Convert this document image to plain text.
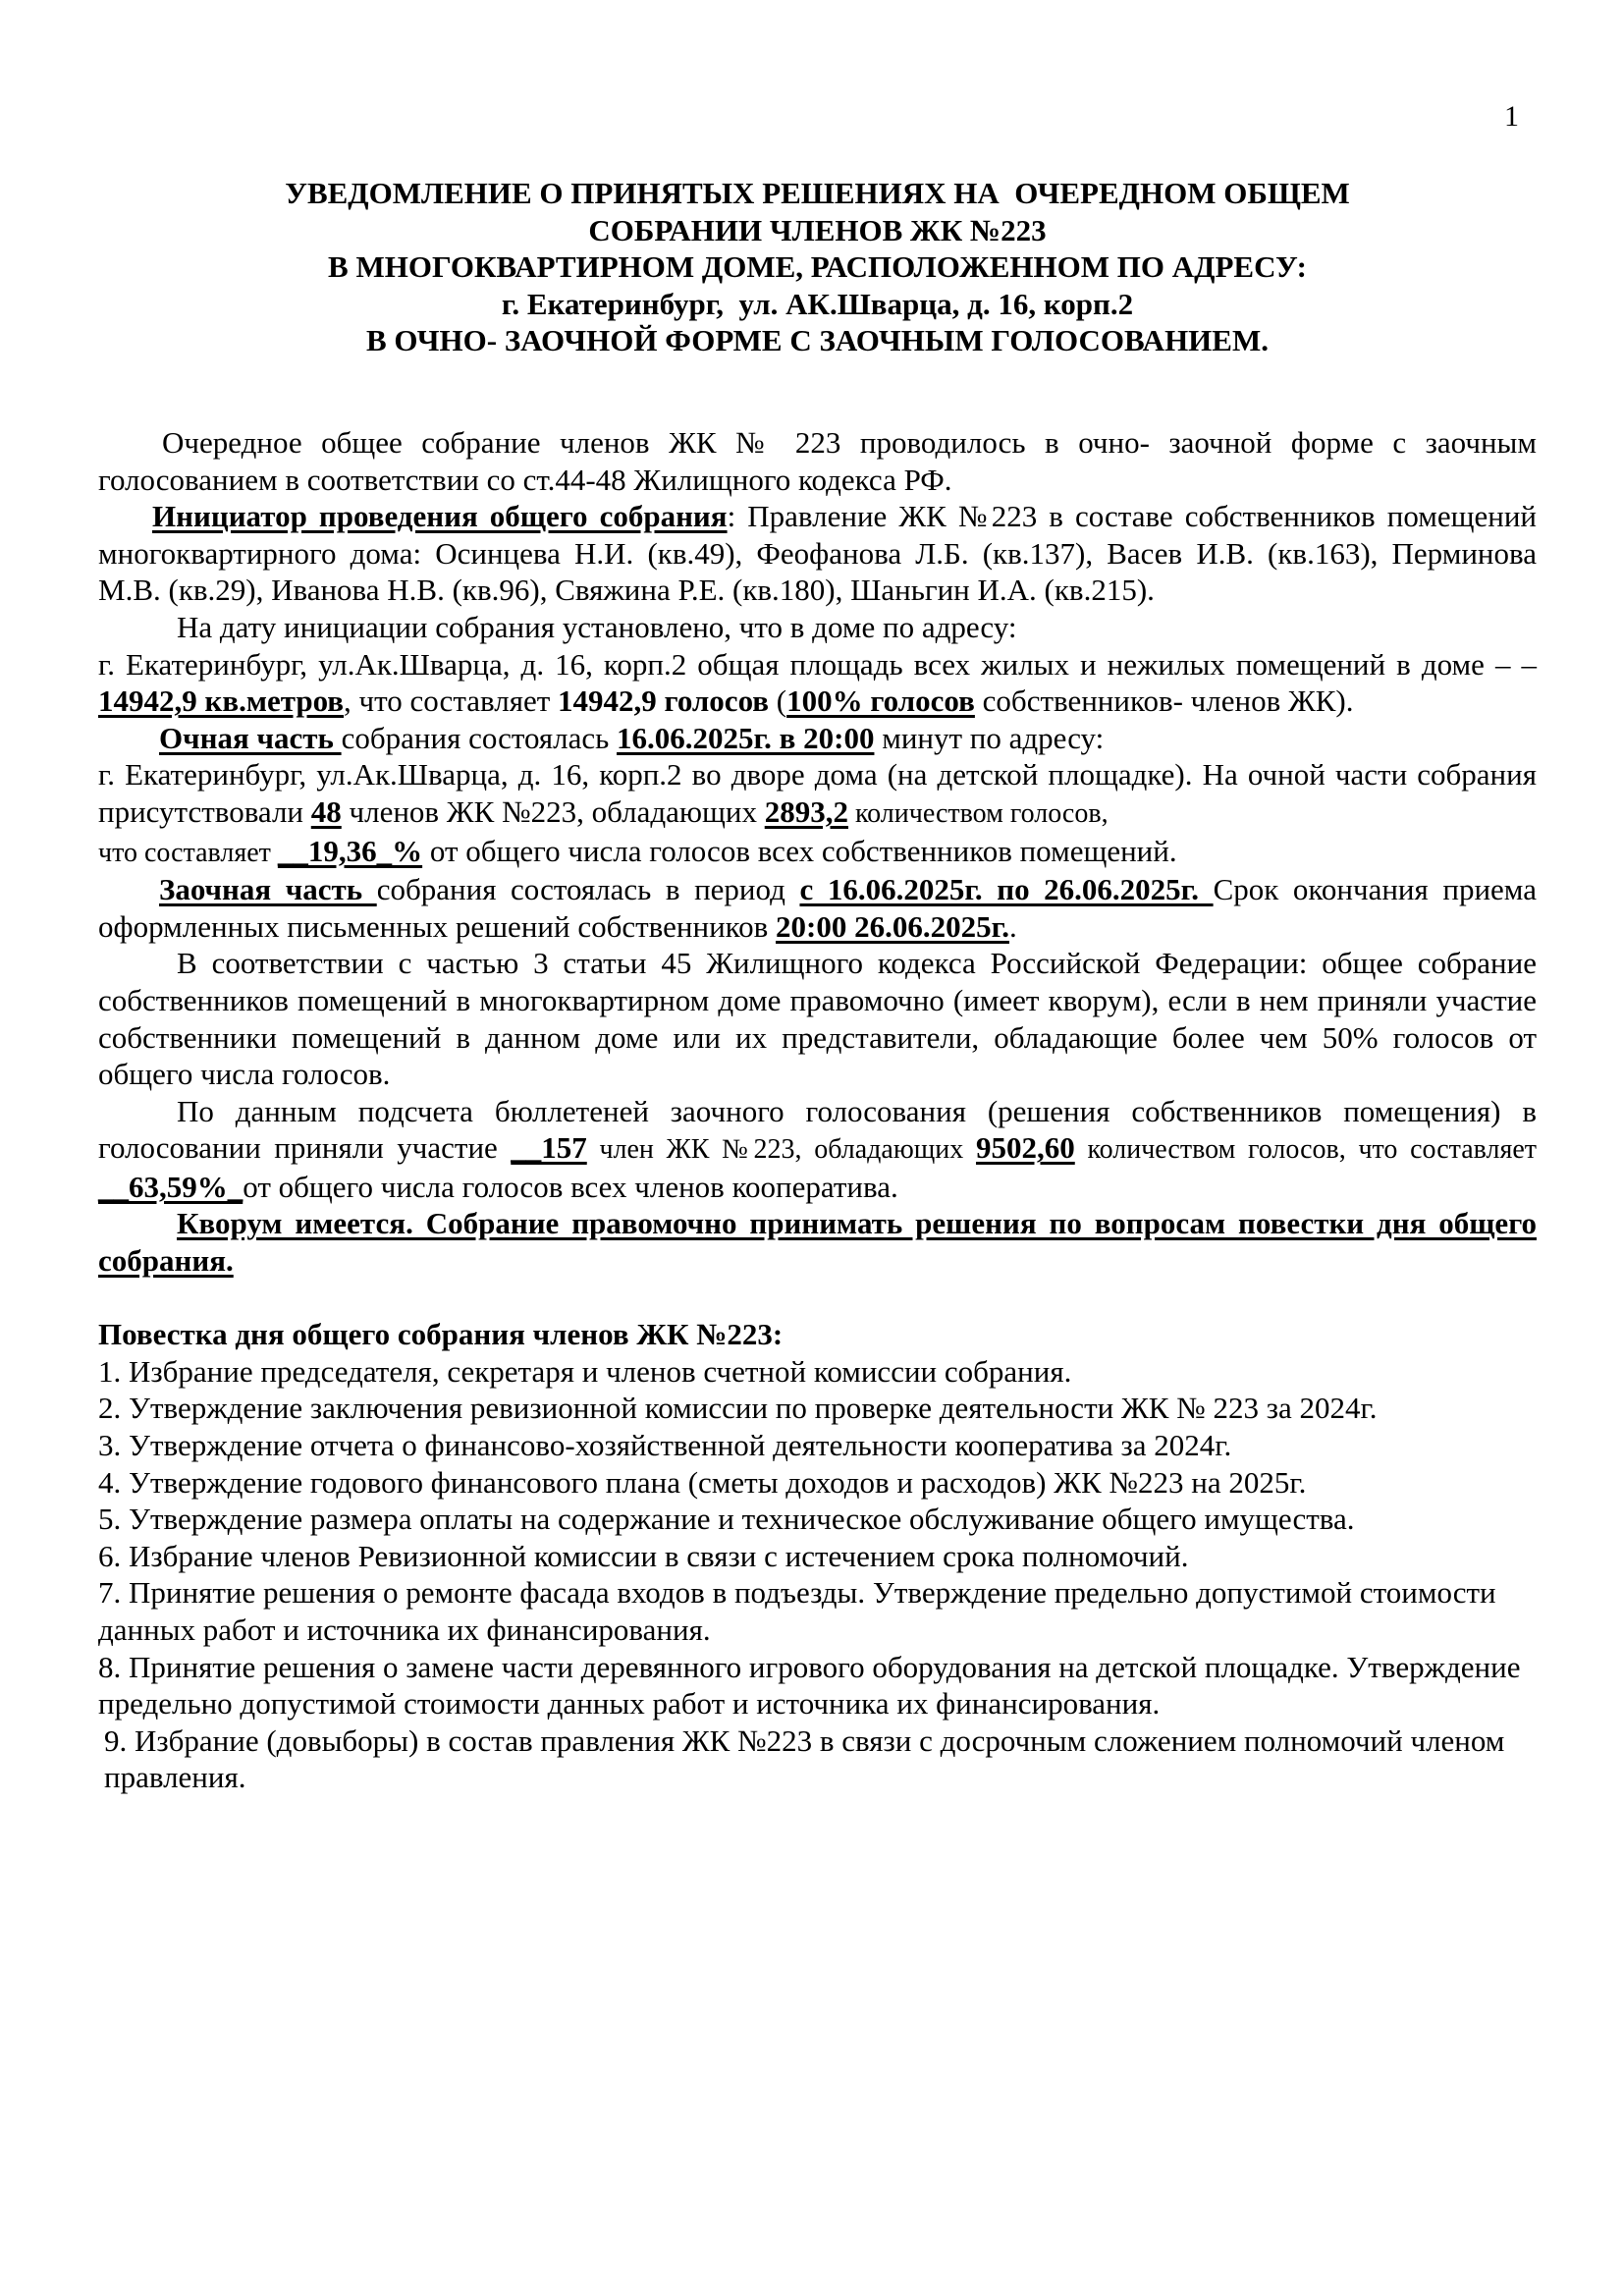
1
УВЕДОМЛЕНИЕ О ПРИНЯТЫХ РЕШЕНИЯХ НА  ОЧЕРЕДНОМ ОБЩЕМ
СОБРАНИИ ЧЛЕНОВ ЖК №223
В МНОГОКВАРТИРНОМ ДОМЕ, РАСПОЛОЖЕННОМ ПО АДРЕСУ:
г. Екатеринбург,  ул. АК.Шварца, д. 16, корп.2
В ОЧНО- ЗАОЧНОЙ ФОРМЕ С ЗАОЧНЫМ ГОЛОСОВАНИЕМ.

Очередное общее собрание членов ЖК № 223 проводилось в очно- заочной форме с заочным голосованием в соответствии со ст.44-48 Жилищного кодекса РФ.

Инициатор проведения общего собрания: Правление ЖК №223 в составе собственников помещений многоквартирного дома: Осинцева Н.И. (кв.49), Феофанова Л.Б. (кв.137), Васев И.В. (кв.163), Перминова М.В. (кв.29), Иванова Н.В. (кв.96), Свяжина Р.Е. (кв.180), Шаньгин И.А. (кв.215).

На дату инициации собрания установлено, что в доме по адресу:

г. Екатеринбург, ул.Ак.Шварца, д. 16, корп.2 общая площадь всех жилых и нежилых помещений в доме – – 14942,9 кв.метров, что составляет 14942,9 голосов (100% голосов собственников- членов ЖК).

Очная часть собрания состоялась 16.06.2025г. в 20:00 минут по адресу:

г. Екатеринбург, ул.Ак.Шварца, д. 16, корп.2 во дворе дома (на детской площадке). На очной части собрания присутствовали 48 членов ЖК №223, обладающих 2893,2 количеством голосов,
что составляет __19,36_% от общего числа голосов всех собственников помещений.

Заочная часть собрания состоялась в период с 16.06.2025г. по 26.06.2025г. Срок окончания приема оформленных письменных решений собственников 20:00 26.06.2025г..

В соответствии с частью 3 статьи 45 Жилищного кодекса Российской Федерации: общее собрание собственников помещений в многоквартирном доме правомочно (имеет кворум), если в нем приняли участие собственники помещений в данном доме или их представители, обладающие более чем 50% голосов от общего числа голосов.

По данным подсчета бюллетеней заочного голосования (решения собственников помещения) в голосовании приняли участие __157 член ЖК №223, обладающих 9502,60 количеством голосов, что составляет __63,59%_от общего числа голосов всех членов кооператива.

Кворум имеется. Собрание правомочно принимать решения по вопросам повестки дня общего собрания.

Повестка дня общего собрания членов ЖК №223:

1. Избрание председателя, секретаря и членов счетной комиссии собрания.

2. Утверждение заключения ревизионной комиссии по проверке деятельности ЖК № 223 за 2024г.

3. Утверждение отчета о финансово-хозяйственной деятельности кооператива за 2024г.

4. Утверждение годового финансового плана (сметы доходов и расходов) ЖК №223 на 2025г.

5. Утверждение размера оплаты на содержание и техническое обслуживание общего имущества.

6. Избрание членов Ревизионной комиссии в связи с истечением срока полномочий.

7. Принятие решения о ремонте фасада входов в подъезды. Утверждение предельно допустимой стоимости данных работ и источника их финансирования.

8. Принятие решения о замене части деревянного игрового оборудования на детской площадке. Утверждение предельно допустимой стоимости данных работ и источника их финансирования.

9. Избрание (довыборы) в состав правления ЖК №223 в связи с досрочным сложением полномочий членом правления.
